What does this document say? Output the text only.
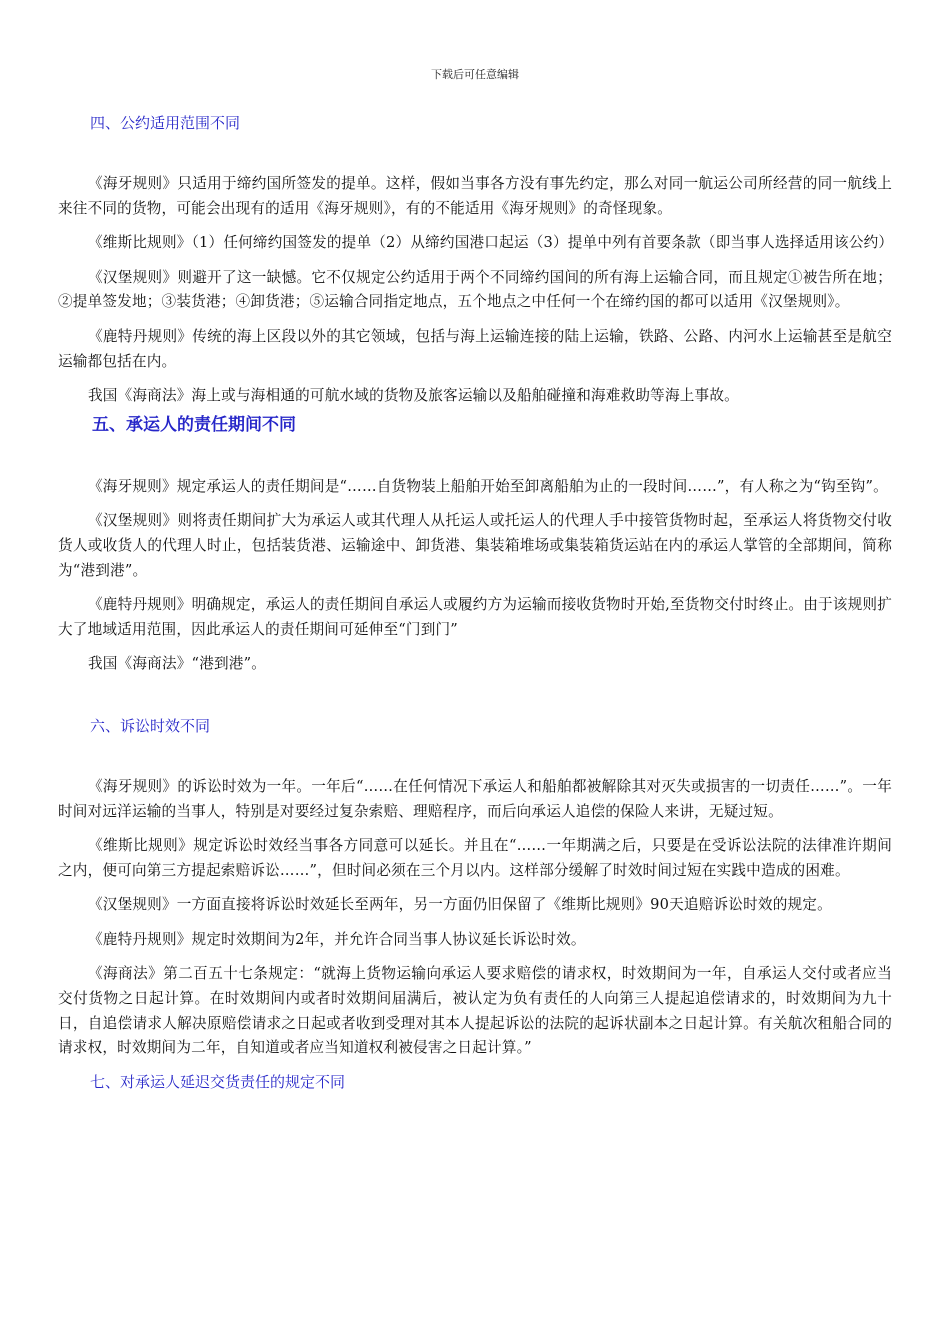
下载后可任意编辑
四、公约适用范围不同

《海牙规则》只适用于缔约国所签发的提单。这样，假如当事各方没有事先约定，那么对同一航运公司所经营的同一航线上来往不同的货物，可能会出现有的适用《海牙规则》，有的不能适用《海牙规则》的奇怪现象。

《维斯比规则》（1）任何缔约国签发的提单（2）从缔约国港口起运（3）提单中列有首要条款（即当事人选择适用该公约）

《汉堡规则》则避开了这一缺憾。它不仅规定公约适用于两个不同缔约国间的所有海上运输合同，而且规定①被告所在地；②提单签发地；③装货港；④卸货港；⑤运输合同指定地点，五个地点之中任何一个在缔约国的都可以适用《汉堡规则》。

《鹿特丹规则》传统的海上区段以外的其它领域，包括与海上运输连接的陆上运输，铁路、公路、内河水上运输甚至是航空运输都包括在内。

我国《海商法》海上或与海相通的可航水域的货物及旅客运输以及船舶碰撞和海难救助等海上事故。

五、承运人的责任期间不同

《海牙规则》规定承运人的责任期间是“……自货物装上船舶开始至卸离船舶为止的一段时间……”，有人称之为“钩至钩”。

《汉堡规则》则将责任期间扩大为承运人或其代理人从托运人或托运人的代理人手中接管货物时起，至承运人将货物交付收货人或收货人的代理人时止，包括装货港、运输途中、卸货港、集装箱堆场或集装箱货运站在内的承运人掌管的全部期间，简称为“港到港”。

《鹿特丹规则》明确规定，承运人的责任期间自承运人或履约方为运输而接收货物时开始,至货物交付时终止。由于该规则扩大了地域适用范围，因此承运人的责任期间可延伸至“门到门”

我国《海商法》“港到港”。

六、诉讼时效不同

《海牙规则》的诉讼时效为一年。一年后“……在任何情况下承运人和船舶都被解除其对灭失或损害的一切责任……”。一年时间对远洋运输的当事人，特别是对要经过复杂索赔、理赔程序，而后向承运人追偿的保险人来讲，无疑过短。

《维斯比规则》规定诉讼时效经当事各方同意可以延长。并且在“……一年期满之后，只要是在受诉讼法院的法律准许期间之内，便可向第三方提起索赔诉讼……”，但时间必须在三个月以内。这样部分缓解了时效时间过短在实践中造成的困难。

《汉堡规则》一方面直接将诉讼时效延长至两年，另一方面仍旧保留了《维斯比规则》90天追赔诉讼时效的规定。

《鹿特丹规则》规定时效期间为2年，并允许合同当事人协议延长诉讼时效。

《海商法》第二百五十七条规定：“就海上货物运输向承运人要求赔偿的请求权，时效期间为一年，自承运人交付或者应当交付货物之日起计算。在时效期间内或者时效期间届满后，被认定为负有责任的人向第三人提起追偿请求的，时效期间为九十日，自追偿请求人解决原赔偿请求之日起或者收到受理对其本人提起诉讼的法院的起诉状副本之日起计算。有关航次租船合同的请求权，时效期间为二年，自知道或者应当知道权利被侵害之日起计算。”

七、对承运人延迟交货责任的规定不同
